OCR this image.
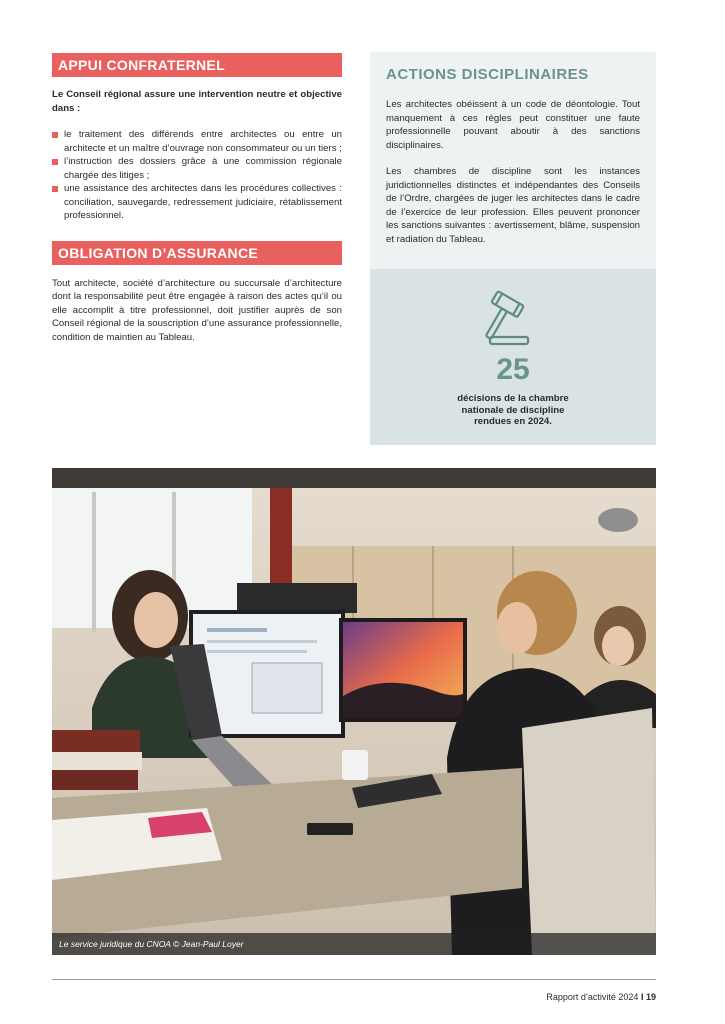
APPUI CONFRATERNEL

Le Conseil régional assure une intervention neutre et objective dans :

le traitement des différends entre architectes ou entre un architecte et un maître d’ouvrage non consommateur ou un tiers ;
l’instruction des dossiers grâce à une commission régionale chargée des litiges ;
une assistance des architectes dans les procédures collectives : conciliation, sauvegarde, redressement judiciaire, rétablissement professionnel.
OBLIGATION D’ASSURANCE

Tout architecte, société d’architecture ou succursale d’architecture dont la responsabilité peut être engagée à raison des actes qu’il ou elle accomplit à titre professionnel, doit justifier auprès de son Conseil régional de la souscription d’une assurance professionnelle, condition de maintien au Tableau.

ACTIONS DISCIPLINAIRES

Les architectes obéissent à un code de déontologie. Tout manquement à ces règles peut constituer une faute professionnelle pouvant aboutir à des sanctions disciplinaires.

Les chambres de discipline sont les instances juridictionnelles distinctes et indépendantes des Conseils de l’Ordre, chargées de juger les architectes dans le cadre de l’exercice de leur profession. Elles peuvent prononcer les sanctions suivantes : avertissement, blâme, suspension et radiation du Tableau.

25
décisions de la chambre nationale de discipline rendues en 2024.
Le service juridique du CNOA © Jean-Paul Loyer
Rapport d’activité 2024 I 19
